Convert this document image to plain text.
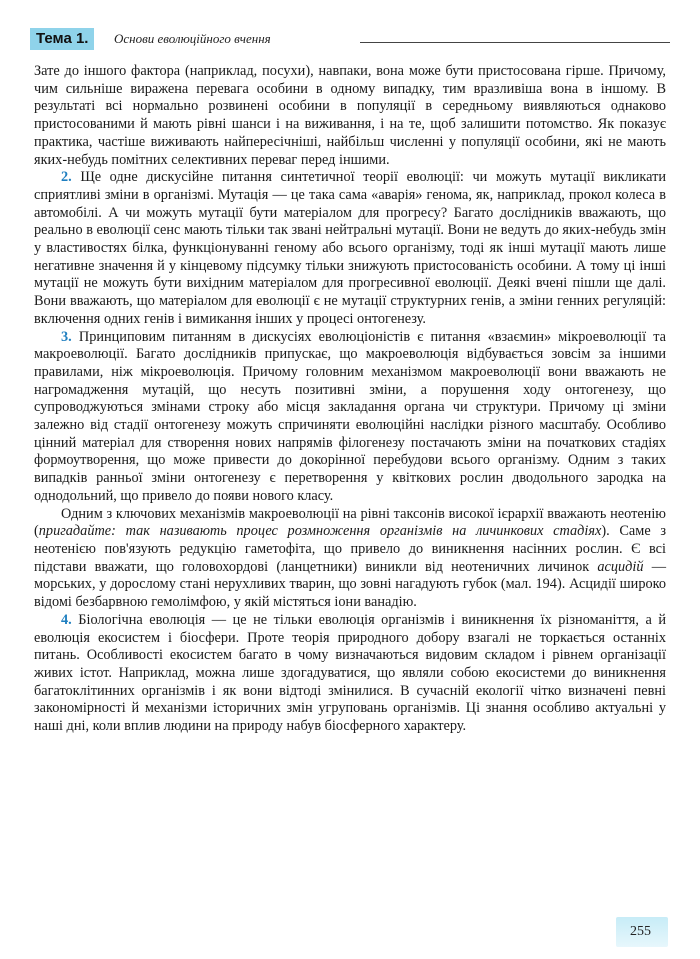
Тема 1.	Основи еволюційного вчення

Зате до іншого фактора (наприклад, посухи), навпаки, вона може бути пристосована гірше. Причому, чим сильніше виражена перевага особини в одному випадку, тим вразливіша вона в іншому. В результаті всі нормально розвинені особини в популяції в середньому виявляються однаково пристосованими й мають рівні шанси і на виживання, і на те, щоб залишити потомство. Як показує практика, частіше виживають найпересічніші, найбільш численні у популяції особини, які не мають яких-небудь помітних селективних переваг перед іншими.

2. Ще одне дискусійне питання синтетичної теорії еволюції: чи можуть мутації викликати сприятливі зміни в організмі. Мутація — це така сама «аварія» генома, як, наприклад, прокол колеса в автомобілі. А чи можуть мутації бути матеріалом для прогресу? Багато дослідників вважають, що реально в еволюції сенс мають тільки так звані нейтральні мутації. Вони не ведуть до яких-небудь змін у властивостях білка, функціонуванні геному або всього організму, тоді як інші мутації мають лише негативне значення й у кінцевому підсумку тільки знижують пристосованість особини. А тому ці інші мутації не можуть бути вихідним матеріалом для прогресивної еволюції. Деякі вчені пішли ще далі. Вони вважають, що матеріалом для еволюції є не мутації структурних генів, а зміни генних регуляцій: включення одних генів і вимикання інших у процесі онтогенезу.

3. Принциповим питанням в дискусіях еволюціоністів є питання «взаємин» мікроеволюції та макроеволюції. Багато дослідників припускає, що макроеволюція відбувається зовсім за іншими правилами, ніж мікроеволюція. Причому головним механізмом макроеволюції вони вважають не нагромадження мутацій, що несуть позитивні зміни, а порушення ходу онтогенезу, що супроводжуються змінами строку або місця закладання органа чи структури. Причому ці зміни залежно від стадії онтогенезу можуть спричиняти еволюційні наслідки різного масштабу. Особливо цінний матеріал для створення нових напрямів філогенезу постачають зміни на початкових стадіях формоутворення, що може привести до докорінної перебудови всього організму. Одним з таких випадків ранньої зміни онтогенезу є перетворення у квіткових рослин дводольного зародка на однодольний, що привело до появи нового класу.

Одним з ключових механізмів макроеволюції на рівні таксонів високої ієрархії вважають неотенію (пригадайте: так називають процес розмноження організмів на личинкових стадіях). Саме з неотенією пов'язують редукцію гаметофіта, що привело до виникнення насінних рослин. Є всі підстави вважати, що головохордові (ланцетники) виникли від неотеничних личинок асцидій — морських, у дорослому стані нерухливих тварин, що зовні нагадують губок (мал. 194). Асцидії широко відомі безбарвною гемолімфою, у якій містяться іони ванадію.

4. Біологічна еволюція — це не тільки еволюція організмів і виникнення їх різноманіття, а й еволюція екосистем і біосфери. Проте теорія природного добору взагалі не торкається останніх питань. Особливості екосистем багато в чому визначаються видовим складом і рівнем організації живих істот. Наприклад, можна лише здогадуватися, що являли собою екосистеми до виникнення багатоклітинних організмів і як вони відтоді змінилися. В сучасній екології чітко визначені певні закономірності й механізми історичних змін угруповань організмів. Ці знання особливо актуальні у наші дні, коли вплив людини на природу набув біосферного характеру.

255
